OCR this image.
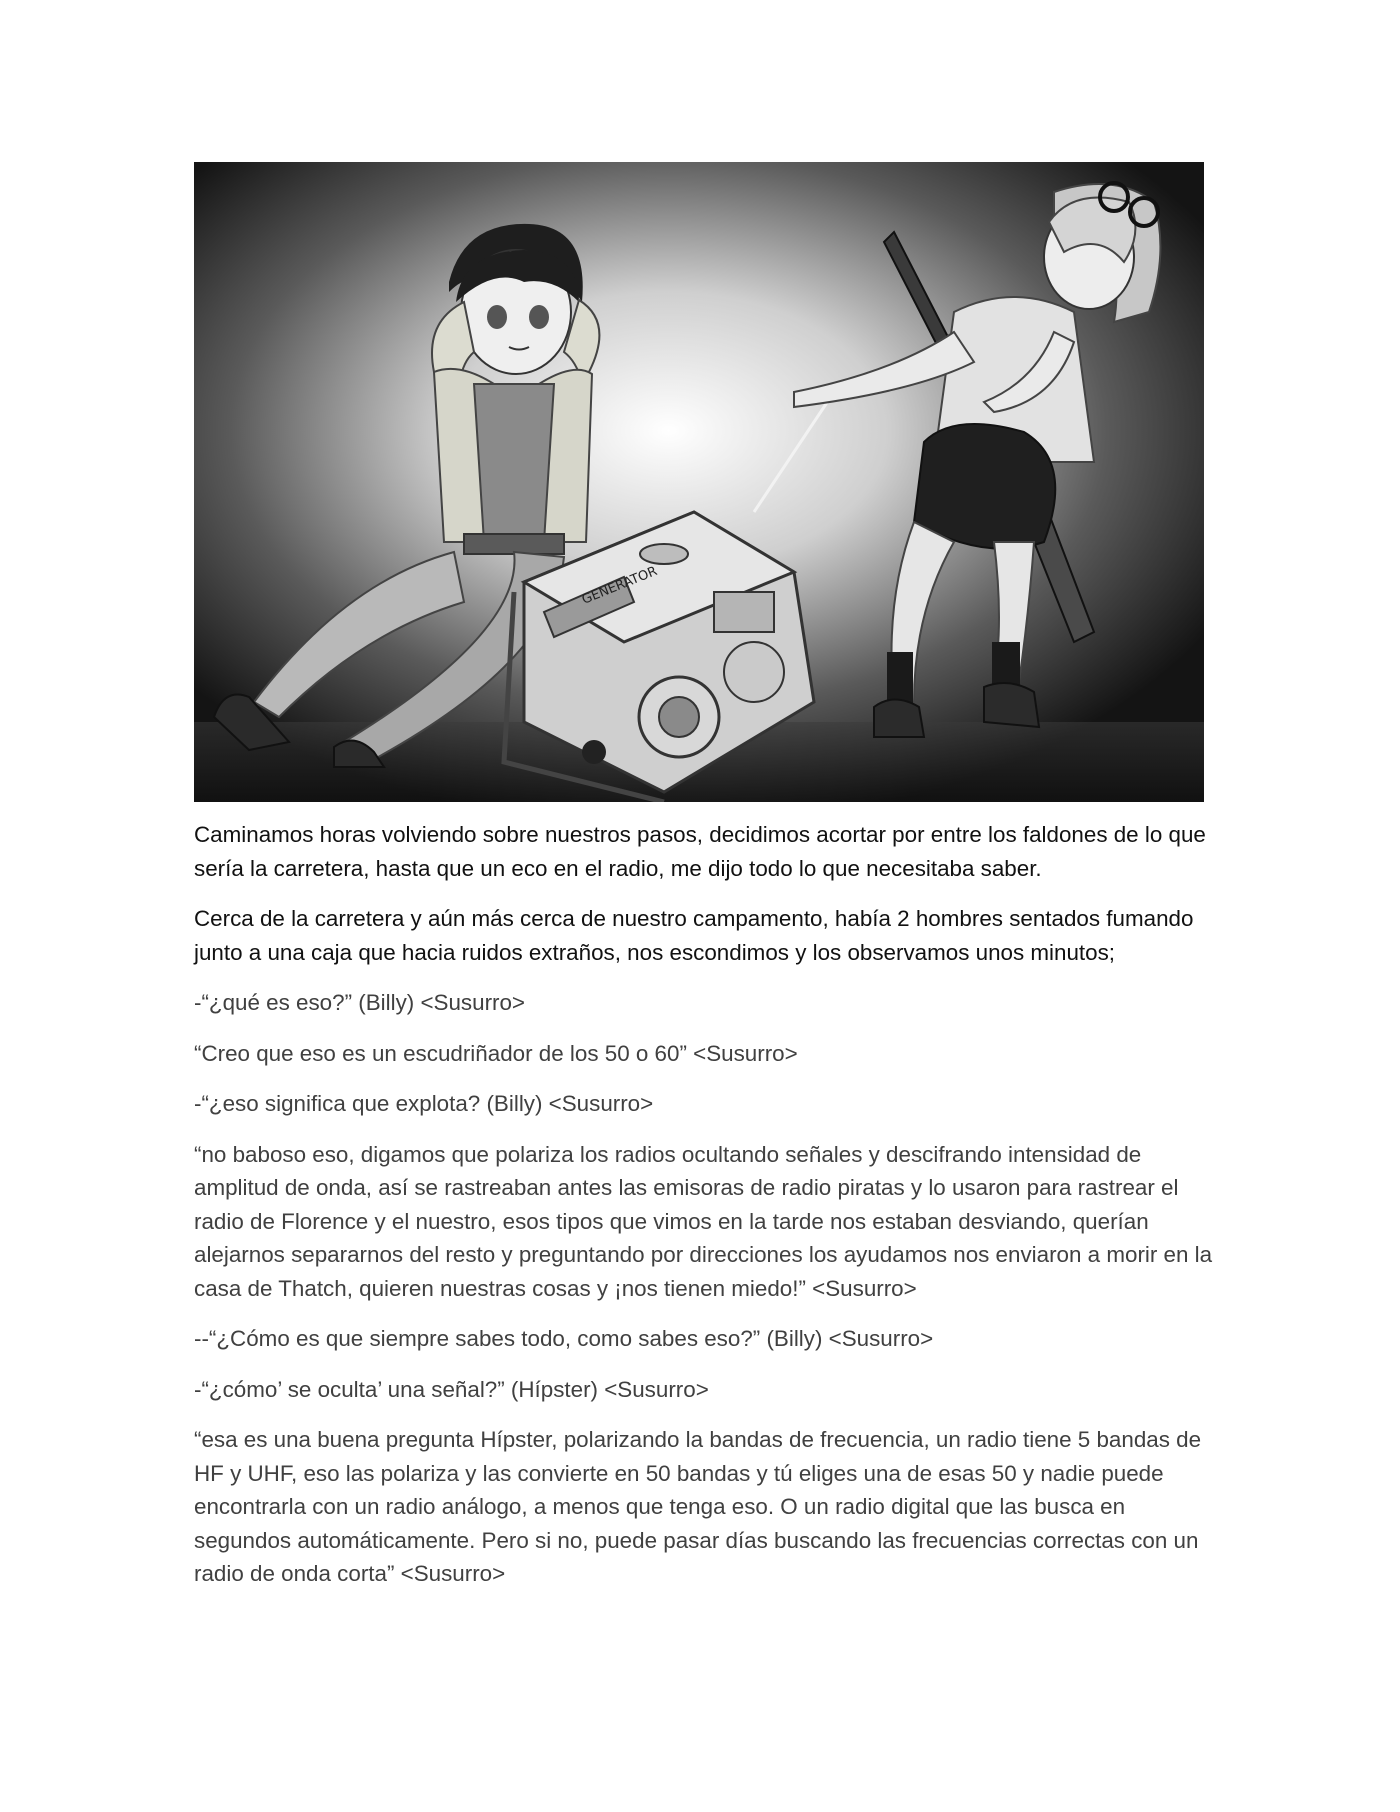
GENERATOR

Caminamos horas volviendo sobre nuestros pasos, decidimos acortar por entre los faldones de lo que sería la carretera, hasta que un eco en el radio, me dijo todo lo que necesitaba saber.

Cerca de la carretera y aún más cerca de nuestro campamento, había 2 hombres sentados fumando junto a una caja que hacia ruidos extraños, nos escondimos y los observamos unos minutos;

-“¿qué es eso?” (Billy) <Susurro>

“Creo que eso es un escudriñador de los 50 o 60” <Susurro>

-“¿eso significa que explota? (Billy) <Susurro>

“no baboso eso, digamos que polariza los radios ocultando señales y descifrando intensidad de amplitud de onda, así se rastreaban antes las emisoras de radio piratas y lo usaron para rastrear el radio de Florence y el nuestro, esos tipos que vimos en la tarde nos estaban desviando, querían alejarnos separarnos del resto y preguntando por direcciones los ayudamos nos enviaron a morir en la casa de Thatch, quieren nuestras cosas y ¡nos tienen miedo!” <Susurro>

--“¿Cómo es que siempre sabes todo, como sabes eso?” (Billy) <Susurro>

-“¿cómo’ se oculta’ una señal?” (Hípster) <Susurro>

“esa es una buena pregunta Hípster, polarizando la bandas de frecuencia, un radio tiene 5 bandas de HF y UHF, eso las polariza y las convierte en 50 bandas y tú eliges una de esas 50 y nadie puede encontrarla con un radio análogo, a menos que tenga eso. O un radio digital que las busca en segundos automáticamente. Pero si no, puede pasar días buscando las frecuencias correctas con un radio de onda corta” <Susurro>
